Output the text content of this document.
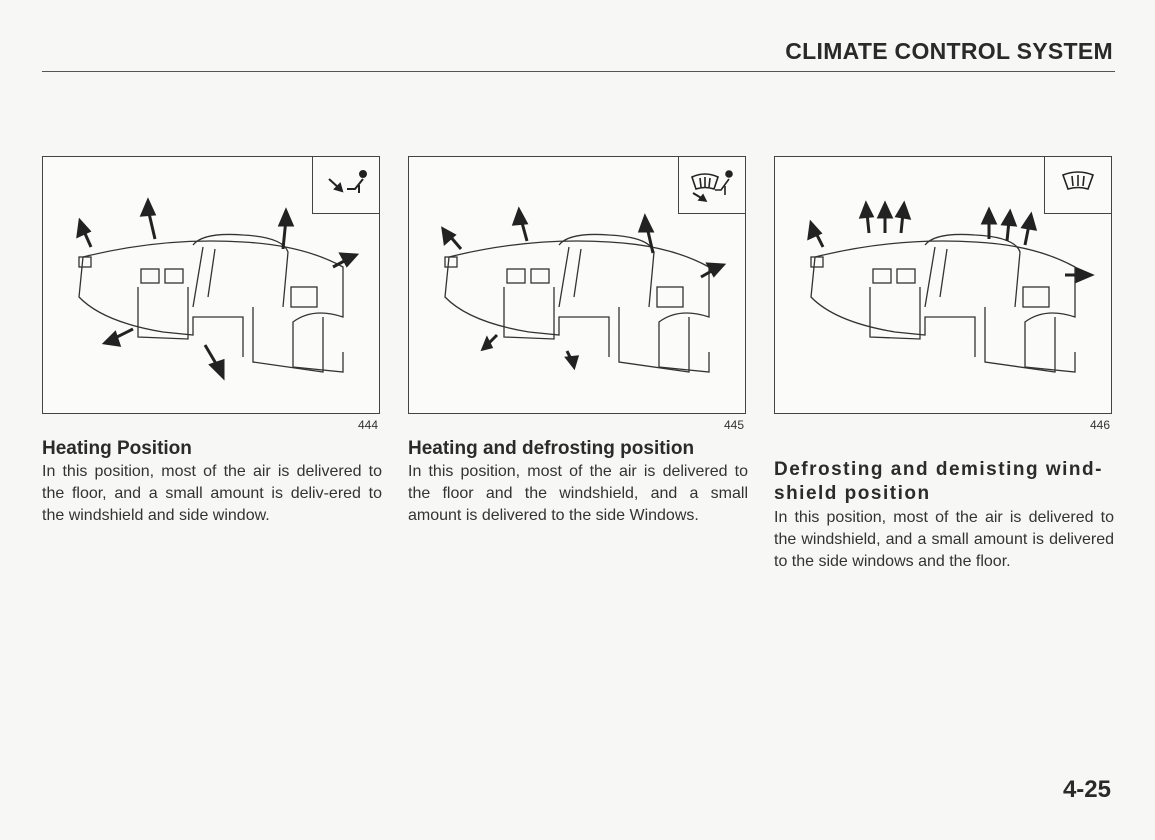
CLIMATE CONTROL SYSTEM
444
Heating Position
In this position, most of the air is delivered to the floor, and a small amount is deliv-ered to the windshield and side window.
445
Heating and defrosting position
In this position, most of the air is delivered to the floor and the windshield, and a small amount is delivered to the side Windows.
446
Defrosting and demisting wind-shield position
In this position, most of the air is delivered to the windshield, and a small amount is delivered to the side windows and the floor.
4-25
